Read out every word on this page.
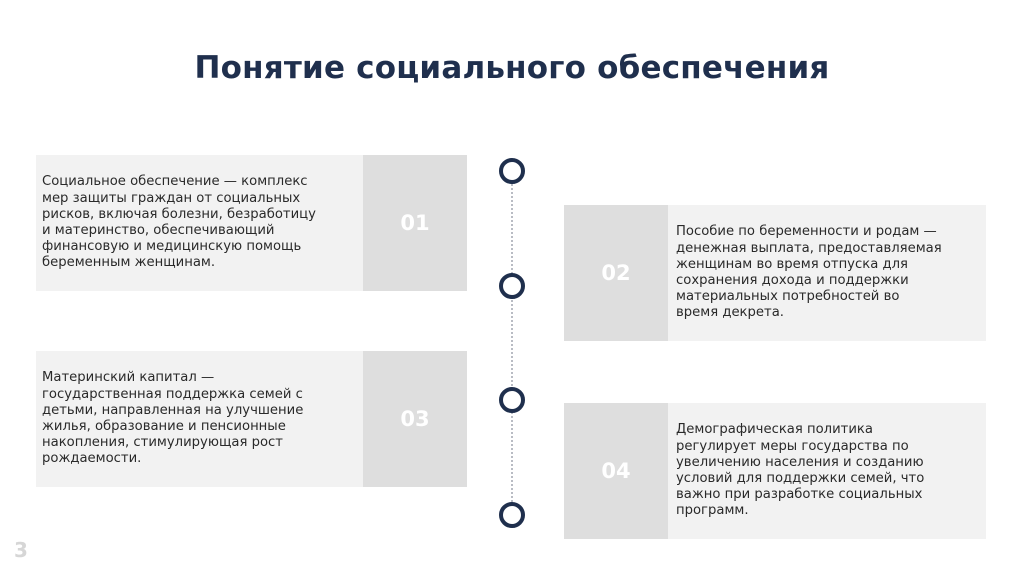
Понятие социального обеспечения
Социальное обеспечение — комплекс
мер защиты граждан от социальных
рисков, включая болезни, безработицу
и материнство, обеспечивающий
финансовую и медицинскую помощь
беременным женщинам.
01
02
Пособие по беременности и родам —
денежная выплата, предоставляемая
женщинам во время отпуска для
сохранения дохода и поддержки
материальных потребностей во
время декрета.
Материнский капитал —
государственная поддержка семей с
детьми, направленная на улучшение
жилья, образование и пенсионные
накопления, стимулирующая рост
рождаемости.
03
04
Демографическая политика
регулирует меры государства по
увеличению населения и созданию
условий для поддержки семей, что
важно при разработке социальных
программ.
3
